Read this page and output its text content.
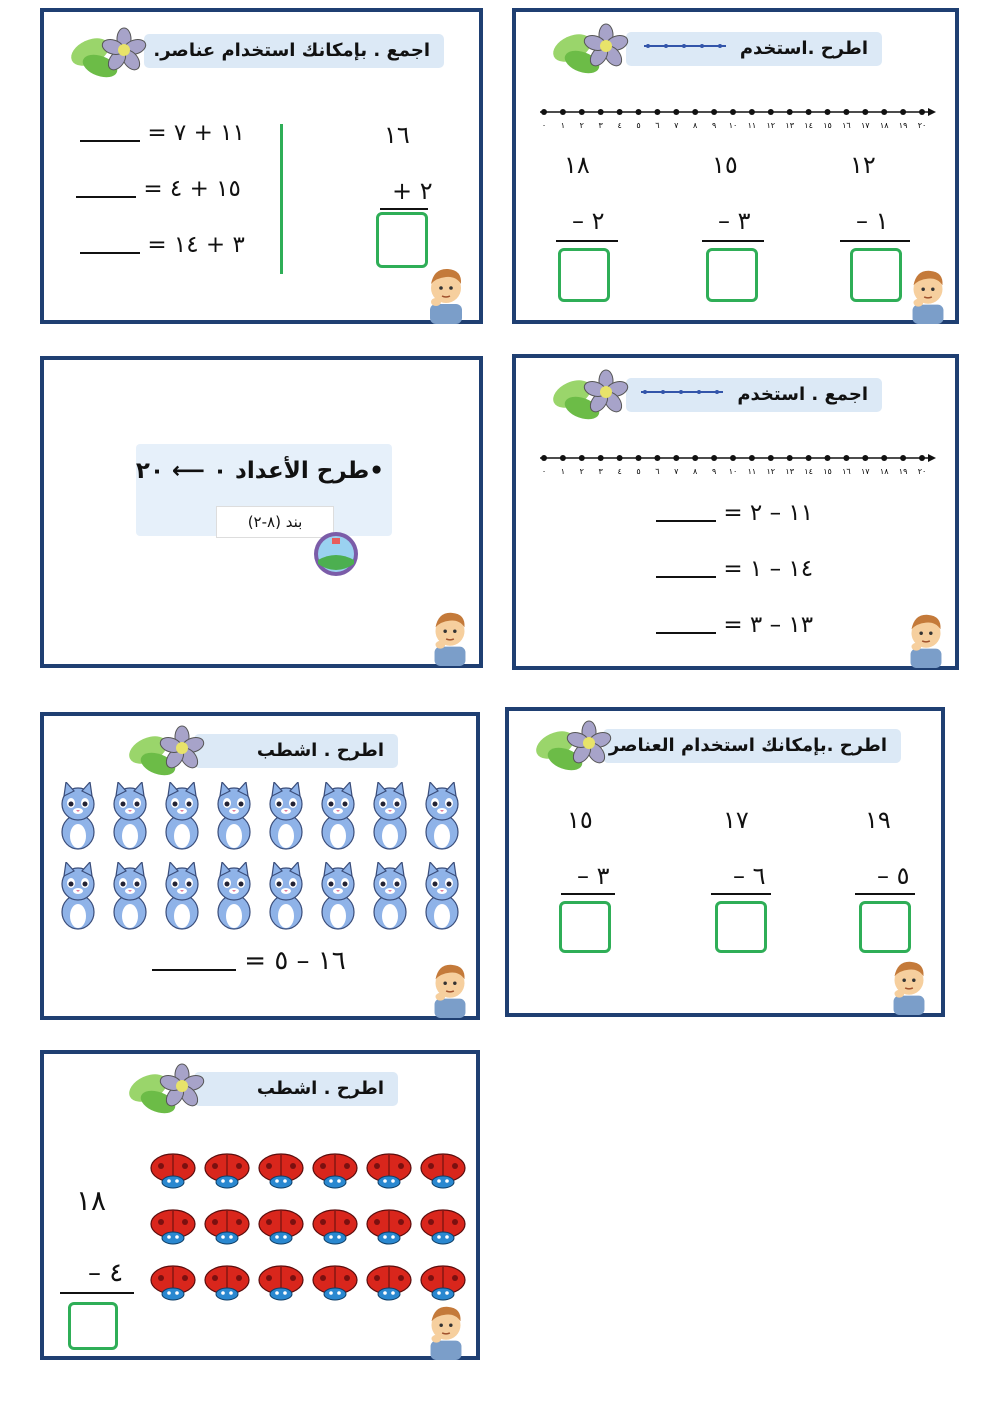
اجمع . بإمكانك استخدام عناصر.
١٦
٢ +
١١ + ٧ =
١٥ + ٤ =
٣ + ١٤ =
اطرح .استخدم
٠ ١ ٢ ٣ ٤ ٥ ٦ ٧ ٨ ٩ ١٠ ١١ ١٢ ١٣ ١٤ ١٥ ١٦ ١٧ ١٨ ١٩ ٢٠
١٨	١٥	١٢
٢ –	٣ –	١ –
•طرح الأعداد ٠ ⟵ ٢٠
بند (٨-٢)
اجمع . استخدم
٠ ١ ٢ ٣ ٤ ٥ ٦ ٧ ٨ ٩ ١٠ ١١ ١٢ ١٣ ١٤ ١٥ ١٦ ١٧ ١٨ ١٩ ٢٠
١١ – ٢ =
١٤ – ١ =
١٣ – ٣ =
اطرح . اشطب
١٦ – ٥ =
اطرح .بإمكانك استخدام العناصر
١٥	١٧	١٩
٣ –	٦ –	٥ –
اطرح . اشطب
١٨
٤ –
